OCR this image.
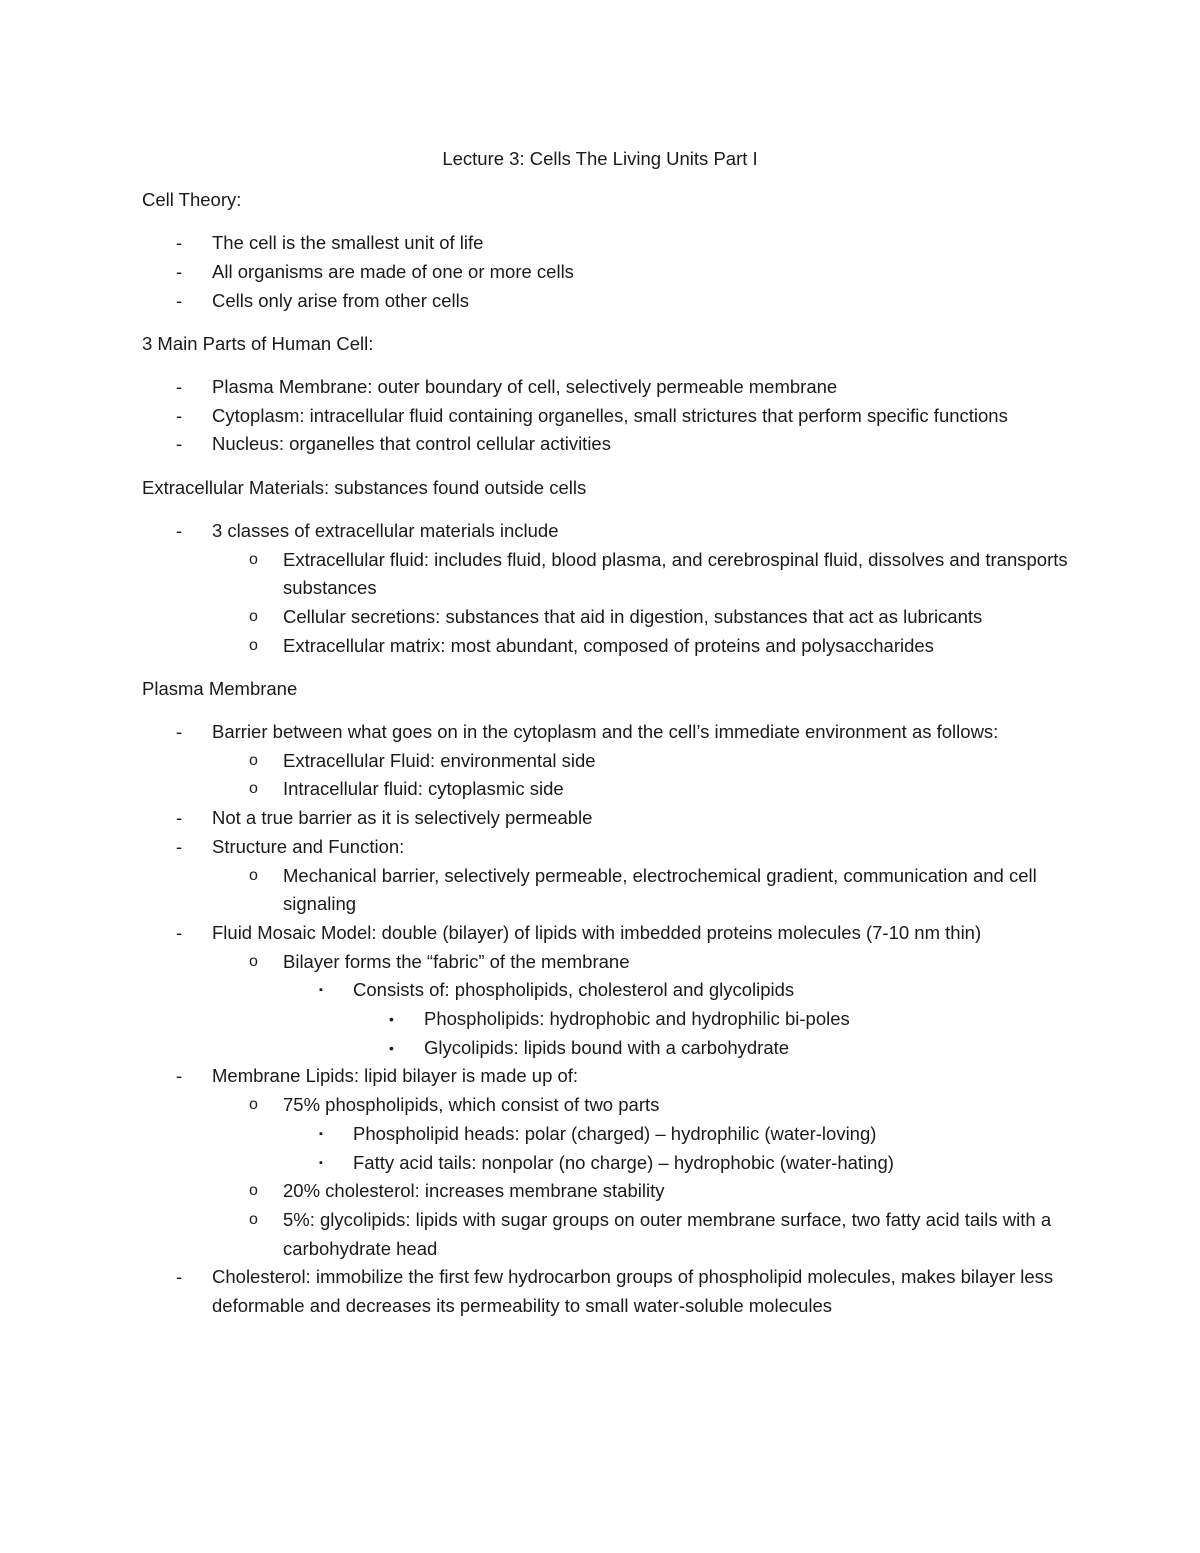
Lecture 3: Cells The Living Units Part I

Cell Theory:

- The cell is the smallest unit of life
- All organisms are made of one or more cells
- Cells only arise from other cells

3 Main Parts of Human Cell:

- Plasma Membrane: outer boundary of cell, selectively permeable membrane
- Cytoplasm: intracellular fluid containing organelles, small strictures that perform specific functions
- Nucleus: organelles that control cellular activities

Extracellular Materials: substances found outside cells

- 3 classes of extracellular materials include
o Extracellular fluid: includes fluid, blood plasma, and cerebrospinal fluid, dissolves and transports substances
o Cellular secretions: substances that aid in digestion, substances that act as lubricants
o Extracellular matrix: most abundant, composed of proteins and polysaccharides

Plasma Membrane

- Barrier between what goes on in the cytoplasm and the cell’s immediate environment as follows:
o Extracellular Fluid: environmental side
o Intracellular fluid: cytoplasmic side
- Not a true barrier as it is selectively permeable
- Structure and Function:
o Mechanical barrier, selectively permeable, electrochemical gradient, communication and cell signaling
- Fluid Mosaic Model: double (bilayer) of lipids with imbedded proteins molecules (7-10 nm thin)
o Bilayer forms the “fabric” of the membrane
▪ Consists of: phospholipids, cholesterol and glycolipids
• Phospholipids: hydrophobic and hydrophilic bi-poles
• Glycolipids: lipids bound with a carbohydrate
- Membrane Lipids: lipid bilayer is made up of:
o 75% phospholipids, which consist of two parts
▪ Phospholipid heads: polar (charged) – hydrophilic (water-loving)
▪ Fatty acid tails: nonpolar (no charge) – hydrophobic (water-hating)
o 20% cholesterol: increases membrane stability
o 5%: glycolipids: lipids with sugar groups on outer membrane surface, two fatty acid tails with a carbohydrate head
- Cholesterol: immobilize the first few hydrocarbon groups of phospholipid molecules, makes bilayer less deformable and decreases its permeability to small water-soluble molecules
